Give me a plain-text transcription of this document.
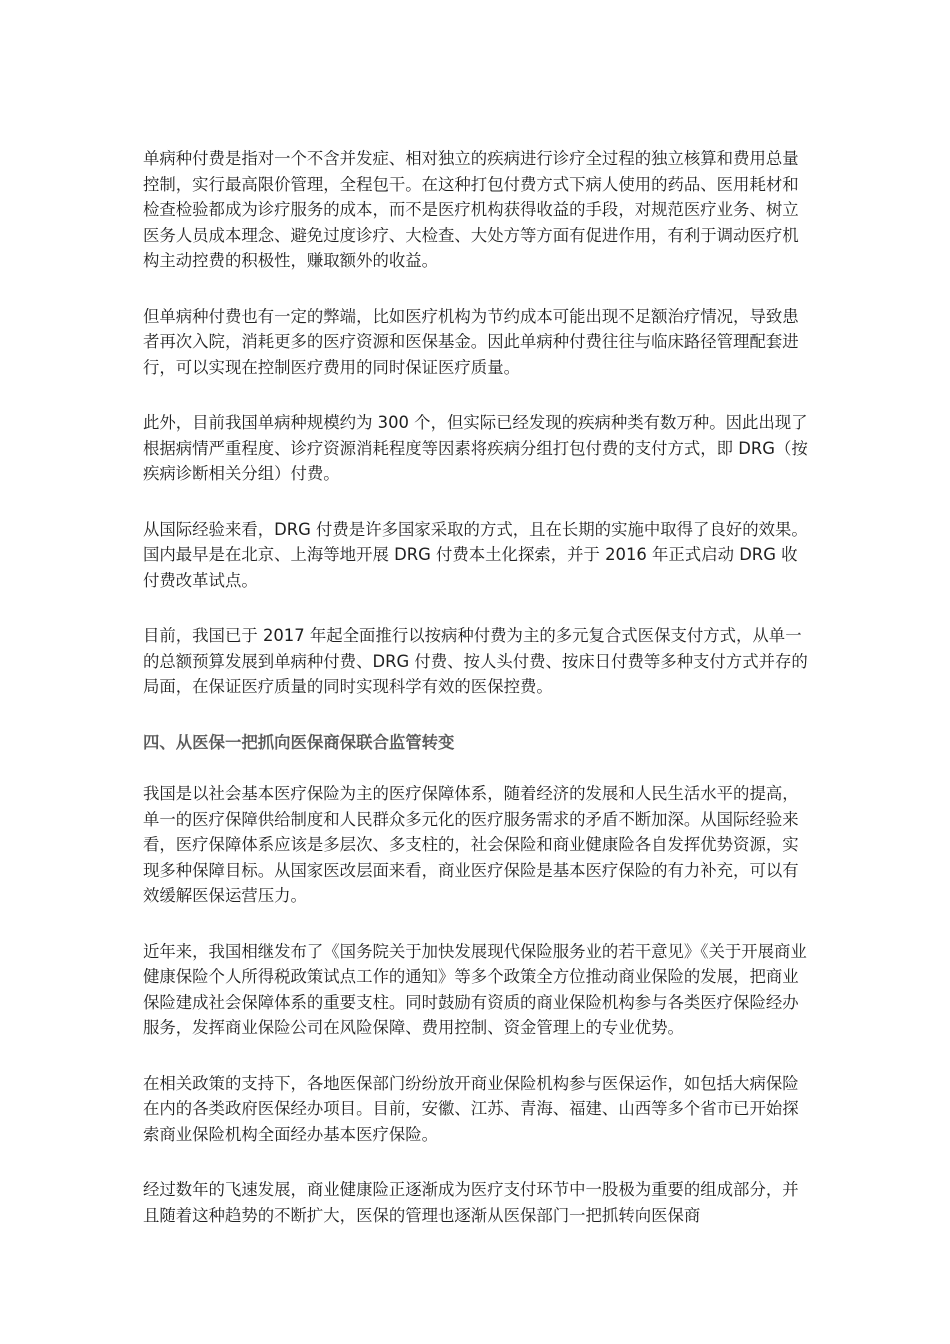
单病种付费是指对一个不含并发症、相对独立的疾病进行诊疗全过程的独立核算和费用总量控制，实行最高限价管理，全程包干。在这种打包付费方式下病人使用的药品、医用耗材和检查检验都成为诊疗服务的成本，而不是医疗机构获得收益的手段，对规范医疗业务、树立医务人员成本理念、避免过度诊疗、大检查、大处方等方面有促进作用，有利于调动医疗机构主动控费的积极性，赚取额外的收益。

但单病种付费也有一定的弊端，比如医疗机构为节约成本可能出现不足额治疗情况，导致患者再次入院，消耗更多的医疗资源和医保基金。因此单病种付费往往与临床路径管理配套进行，可以实现在控制医疗费用的同时保证医疗质量。

此外，目前我国单病种规模约为 300 个，但实际已经发现的疾病种类有数万种。因此出现了根据病情严重程度、诊疗资源消耗程度等因素将疾病分组打包付费的支付方式，即 DRG（按疾病诊断相关分组）付费。

从国际经验来看，DRG 付费是许多国家采取的方式，且在长期的实施中取得了良好的效果。国内最早是在北京、上海等地开展 DRG 付费本土化探索，并于 2016 年正式启动 DRG 收付费改革试点。

目前，我国已于 2017 年起全面推行以按病种付费为主的多元复合式医保支付方式，从单一的总额预算发展到单病种付费、DRG 付费、按人头付费、按床日付费等多种支付方式并存的局面，在保证医疗质量的同时实现科学有效的医保控费。

四、从医保一把抓向医保商保联合监管转变

我国是以社会基本医疗保险为主的医疗保障体系，随着经济的发展和人民生活水平的提高，单一的医疗保障供给制度和人民群众多元化的医疗服务需求的矛盾不断加深。从国际经验来看，医疗保障体系应该是多层次、多支柱的，社会保险和商业健康险各自发挥优势资源，实现多种保障目标。从国家医改层面来看，商业医疗保险是基本医疗保险的有力补充，可以有效缓解医保运营压力。

近年来，我国相继发布了《国务院关于加快发展现代保险服务业的若干意见》《关于开展商业健康保险个人所得税政策试点工作的通知》等多个政策全方位推动商业保险的发展，把商业保险建成社会保障体系的重要支柱。同时鼓励有资质的商业保险机构参与各类医疗保险经办服务，发挥商业保险公司在风险保障、费用控制、资金管理上的专业优势。

在相关政策的支持下，各地医保部门纷纷放开商业保险机构参与医保运作，如包括大病保险在内的各类政府医保经办项目。目前，安徽、江苏、青海、福建、山西等多个省市已开始探索商业保险机构全面经办基本医疗保险。

经过数年的飞速发展，商业健康险正逐渐成为医疗支付环节中一股极为重要的组成部分，并且随着这种趋势的不断扩大，医保的管理也逐渐从医保部门一把抓转向医保商
